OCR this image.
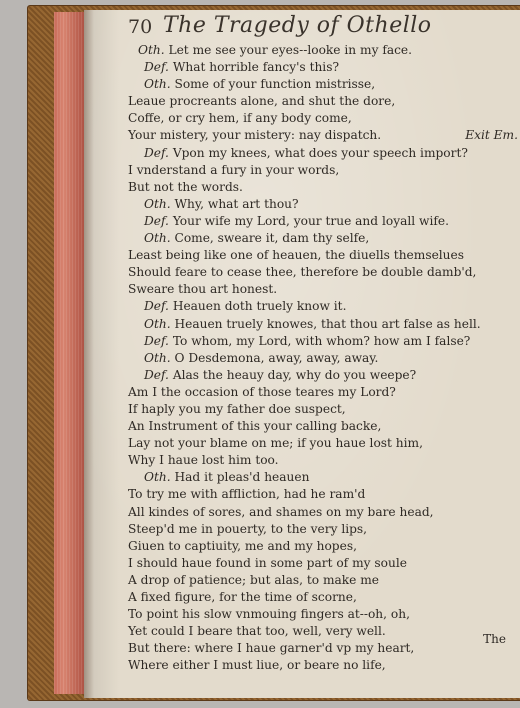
70 The Tragedy of Othello
Oth. Let me see your eyes--looke in my face.
Def. What horrible fancy's this?
Oth. Some of your function mistrisse,
Leaue procreants alone, and shut the dore,
Coffe, or cry hem, if any body come,
Your mistery, your mistery: nay dispatch.	Exit Em.
Def. Vpon my knees, what does your speech import?
I vnderstand a fury in your words,
But not the words.
Oth. Why, what art thou?
Def. Your wife my Lord, your true and loyall wife.
Oth. Come, sweare it, dam thy selfe,
Least being like one of heauen, the diuells themselues
Should feare to cease thee, therefore be double damb'd,
Sweare thou art honest.
Def. Heauen doth truely know it.
Oth. Heauen truely knowes, that thou art false as hell.
Def. To whom, my Lord, with whom? how am I false?
Oth. O Desdemona, away, away, away.
Def. Alas the heauy day, why do you weepe?
Am I the occasion of those teares my Lord?
If haply you my father doe suspect,
An Instrument of this your calling backe,
Lay not your blame on me; if you haue lost him,
Why I haue lost him too.
Oth. Had it pleas'd heauen
To try me with affliction, had he ram'd
All kindes of sores, and shames on my bare head,
Steep'd me in pouerty, to the very lips,
Giuen to captiuity, me and my hopes,
I should haue found in some part of my soule
A drop of patience; but alas, to make me
A fixed figure, for the time of scorne,
To point his slow vnmouing fingers at--oh, oh,
Yet could I beare that too, well, very well.
But there: where I haue garner'd vp my heart,
Where either I must liue, or beare no life,
The
